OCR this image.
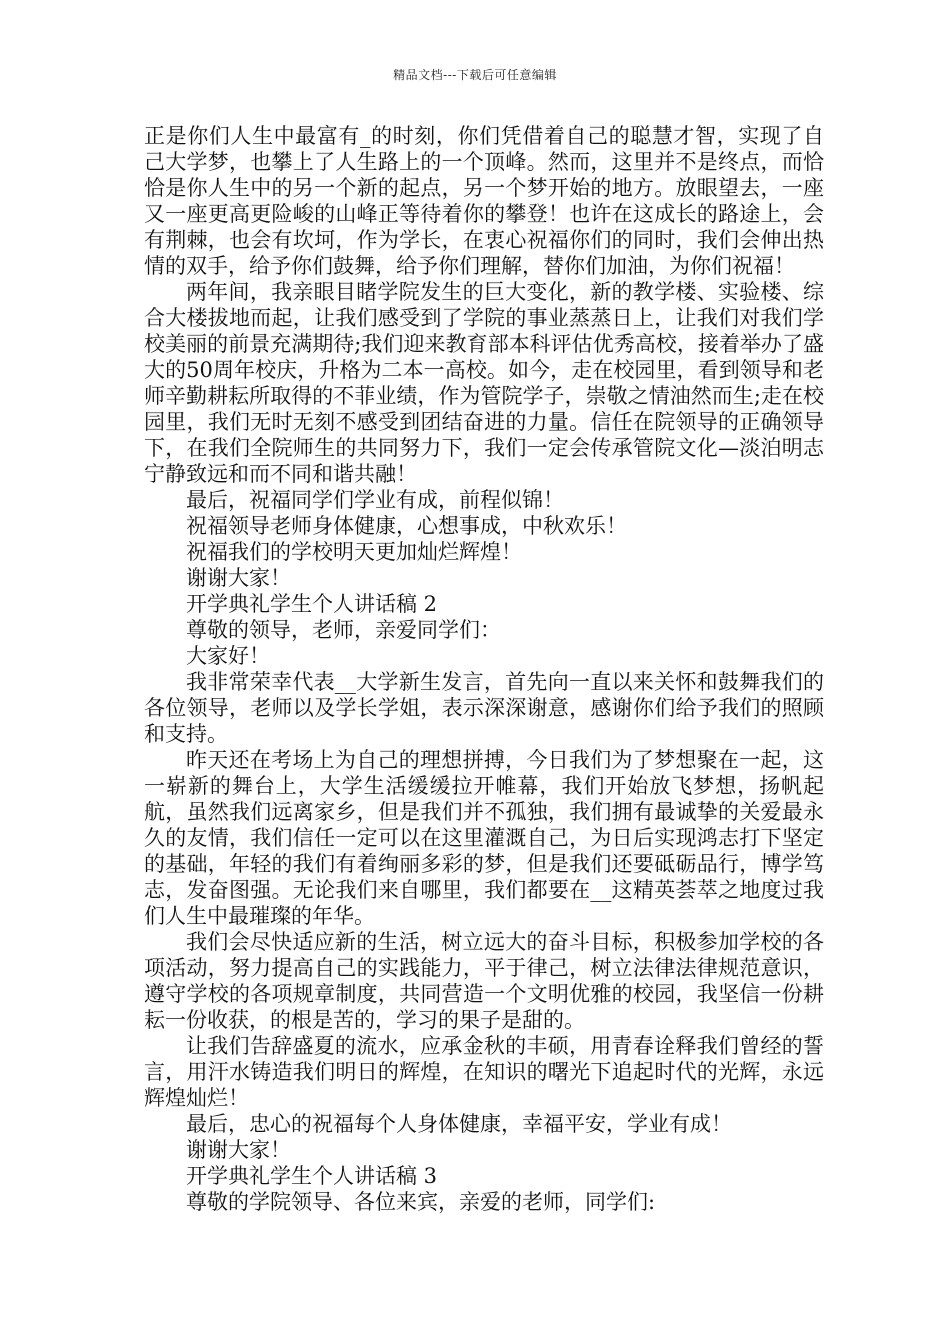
精品文档---下载后可任意编辑

正是你们人生中最富有_的时刻，你们凭借着自己的聪慧才智，实现了自己大学梦，也攀上了人生路上的一个顶峰。然而，这里并不是终点，而恰恰是你人生中的另一个新的起点，另一个梦开始的地方。放眼望去，一座又一座更高更险峻的山峰正等待着你的攀登！也许在这成长的路途上，会有荆棘，也会有坎坷，作为学长，在衷心祝福你们的同时，我们会伸出热情的双手，给予你们鼓舞，给予你们理解，替你们加油，为你们祝福！

两年间，我亲眼目睹学院发生的巨大变化，新的教学楼、实验楼、综合大楼拔地而起，让我们感受到了学院的事业蒸蒸日上，让我们对我们学校美丽的前景充满期待;我们迎来教育部本科评估优秀高校，接着举办了盛大的50周年校庆，升格为二本一高校。如今，走在校园里，看到领导和老师辛勤耕耘所取得的不菲业绩，作为管院学子，崇敬之情油然而生;走在校园里，我们无时无刻不感受到团结奋进的力量。信任在院领导的正确领导下，在我们全院师生的共同努力下，我们一定会传承管院文化—淡泊明志宁静致远和而不同和谐共融！

最后，祝福同学们学业有成，前程似锦！

祝福领导老师身体健康，心想事成，中秋欢乐！

祝福我们的学校明天更加灿烂辉煌！

谢谢大家！

开学典礼学生个人讲话稿 2

尊敬的领导，老师，亲爱同学们：

大家好！

我非常荣幸代表__大学新生发言，首先向一直以来关怀和鼓舞我们的各位领导，老师以及学长学姐，表示深深谢意，感谢你们给予我们的照顾和支持。

昨天还在考场上为自己的理想拼搏，今日我们为了梦想聚在一起，这一崭新的舞台上，大学生活缓缓拉开帷幕，我们开始放飞梦想，扬帆起航，虽然我们远离家乡，但是我们并不孤独，我们拥有最诚挚的关爱最永久的友情，我们信任一定可以在这里灌溉自己，为日后实现鸿志打下坚定的基础，年轻的我们有着绚丽多彩的梦，但是我们还要砥砺品行，博学笃志，发奋图强。无论我们来自哪里，我们都要在__这精英荟萃之地度过我们人生中最璀璨的年华。

我们会尽快适应新的生活，树立远大的奋斗目标，积极参加学校的各项活动，努力提高自己的实践能力，平于律己，树立法律法律规范意识，遵守学校的各项规章制度，共同营造一个文明优雅的校园，我坚信一份耕耘一份收获，的根是苦的，学习的果子是甜的。

让我们告辞盛夏的流水，应承金秋的丰硕，用青春诠释我们曾经的誓言，用汗水铸造我们明日的辉煌，在知识的曙光下追起时代的光辉，永远辉煌灿烂！

最后，忠心的祝福每个人身体健康，幸福平安，学业有成！

谢谢大家！

开学典礼学生个人讲话稿 3

尊敬的学院领导、各位来宾，亲爱的老师，同学们:
